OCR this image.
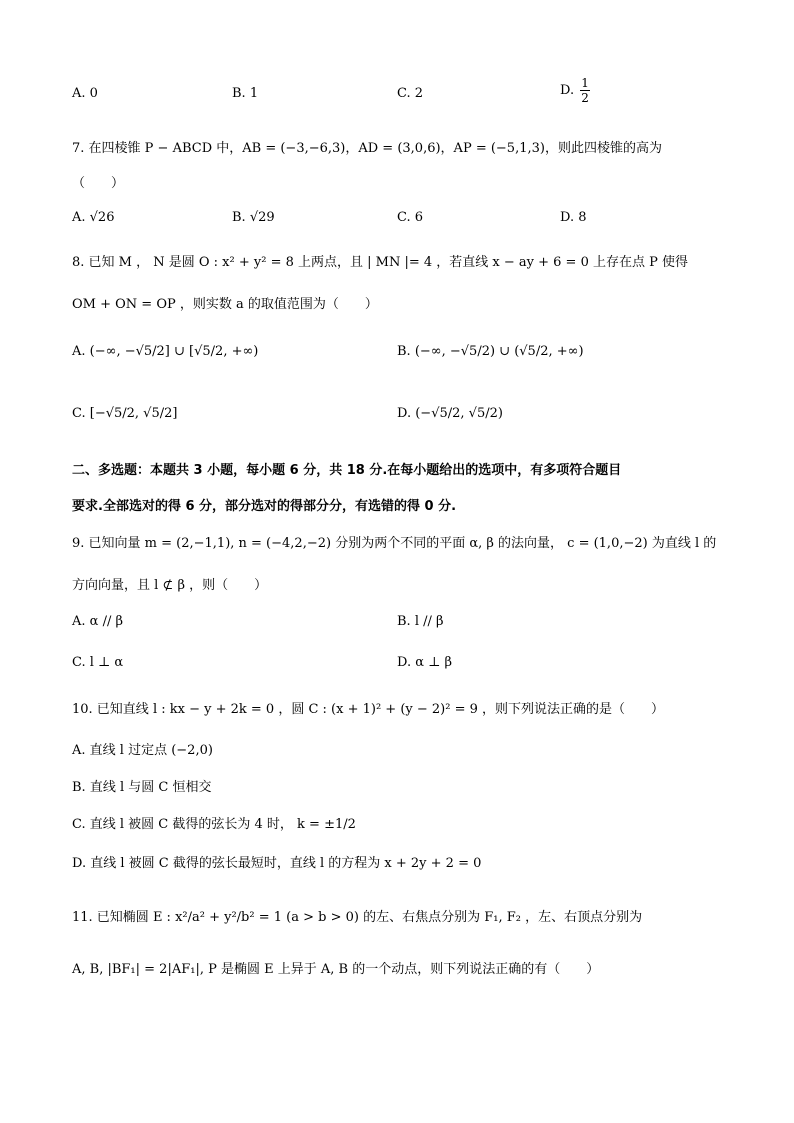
A. 0	B. 1	C. 2	D. $\frac{1}{2}$
7. 在四棱锥 P − ABCD 中，AB = (−3,−6,3)，AD = (3,0,6)，AP = (−5,1,3)，则此四棱锥的高为
（　　）
A. √26	B. √29	C. 6	D. 8
8. 已知 M ， N 是圆 O : x² + y² = 8 上两点，且 | MN |= 4 ，若直线 x − ay + 6 = 0 上存在点 P 使得
OM + ON = OP ，则实数 a 的取值范围为（　　）
A. (−∞, −√5/2] ∪ [√5/2, +∞)	B. (−∞, −√5/2) ∪ (√5/2, +∞)
C. [−√5/2, √5/2]	D. (−√5/2, √5/2)
二、多选题：本题共 3 小题，每小题 6 分，共 18 分.在每小题给出的选项中，有多项符合题目
要求.全部选对的得 6 分，部分选对的得部分分，有选错的得 0 分.
9. 已知向量 m = (2,−1,1), n = (−4,2,−2) 分别为两个不同的平面 α, β 的法向量， c = (1,0,−2) 为直线 l 的
方向向量，且 l ⊄ β ，则（　　）
A. α // β	B. l // β
C. l ⊥ α	D. α ⊥ β
10. 已知直线 l : kx − y + 2k = 0 ，圆 C : (x + 1)² + (y − 2)² = 9 ，则下列说法正确的是（　　）
A. 直线 l 过定点 (−2,0)
B. 直线 l 与圆 C 恒相交
C. 直线 l 被圆 C 截得的弦长为 4 时， k = ±1/2
D. 直线 l 被圆 C 截得的弦长最短时，直线 l 的方程为 x + 2y + 2 = 0
11. 已知椭圆 E : x²/a² + y²/b² = 1 (a > b > 0) 的左、右焦点分别为 F₁, F₂ ，左、右顶点分别为
A, B, |BF₁| = 2|AF₁|, P 是椭圆 E 上异于 A, B 的一个动点，则下列说法正确的有（　　）
